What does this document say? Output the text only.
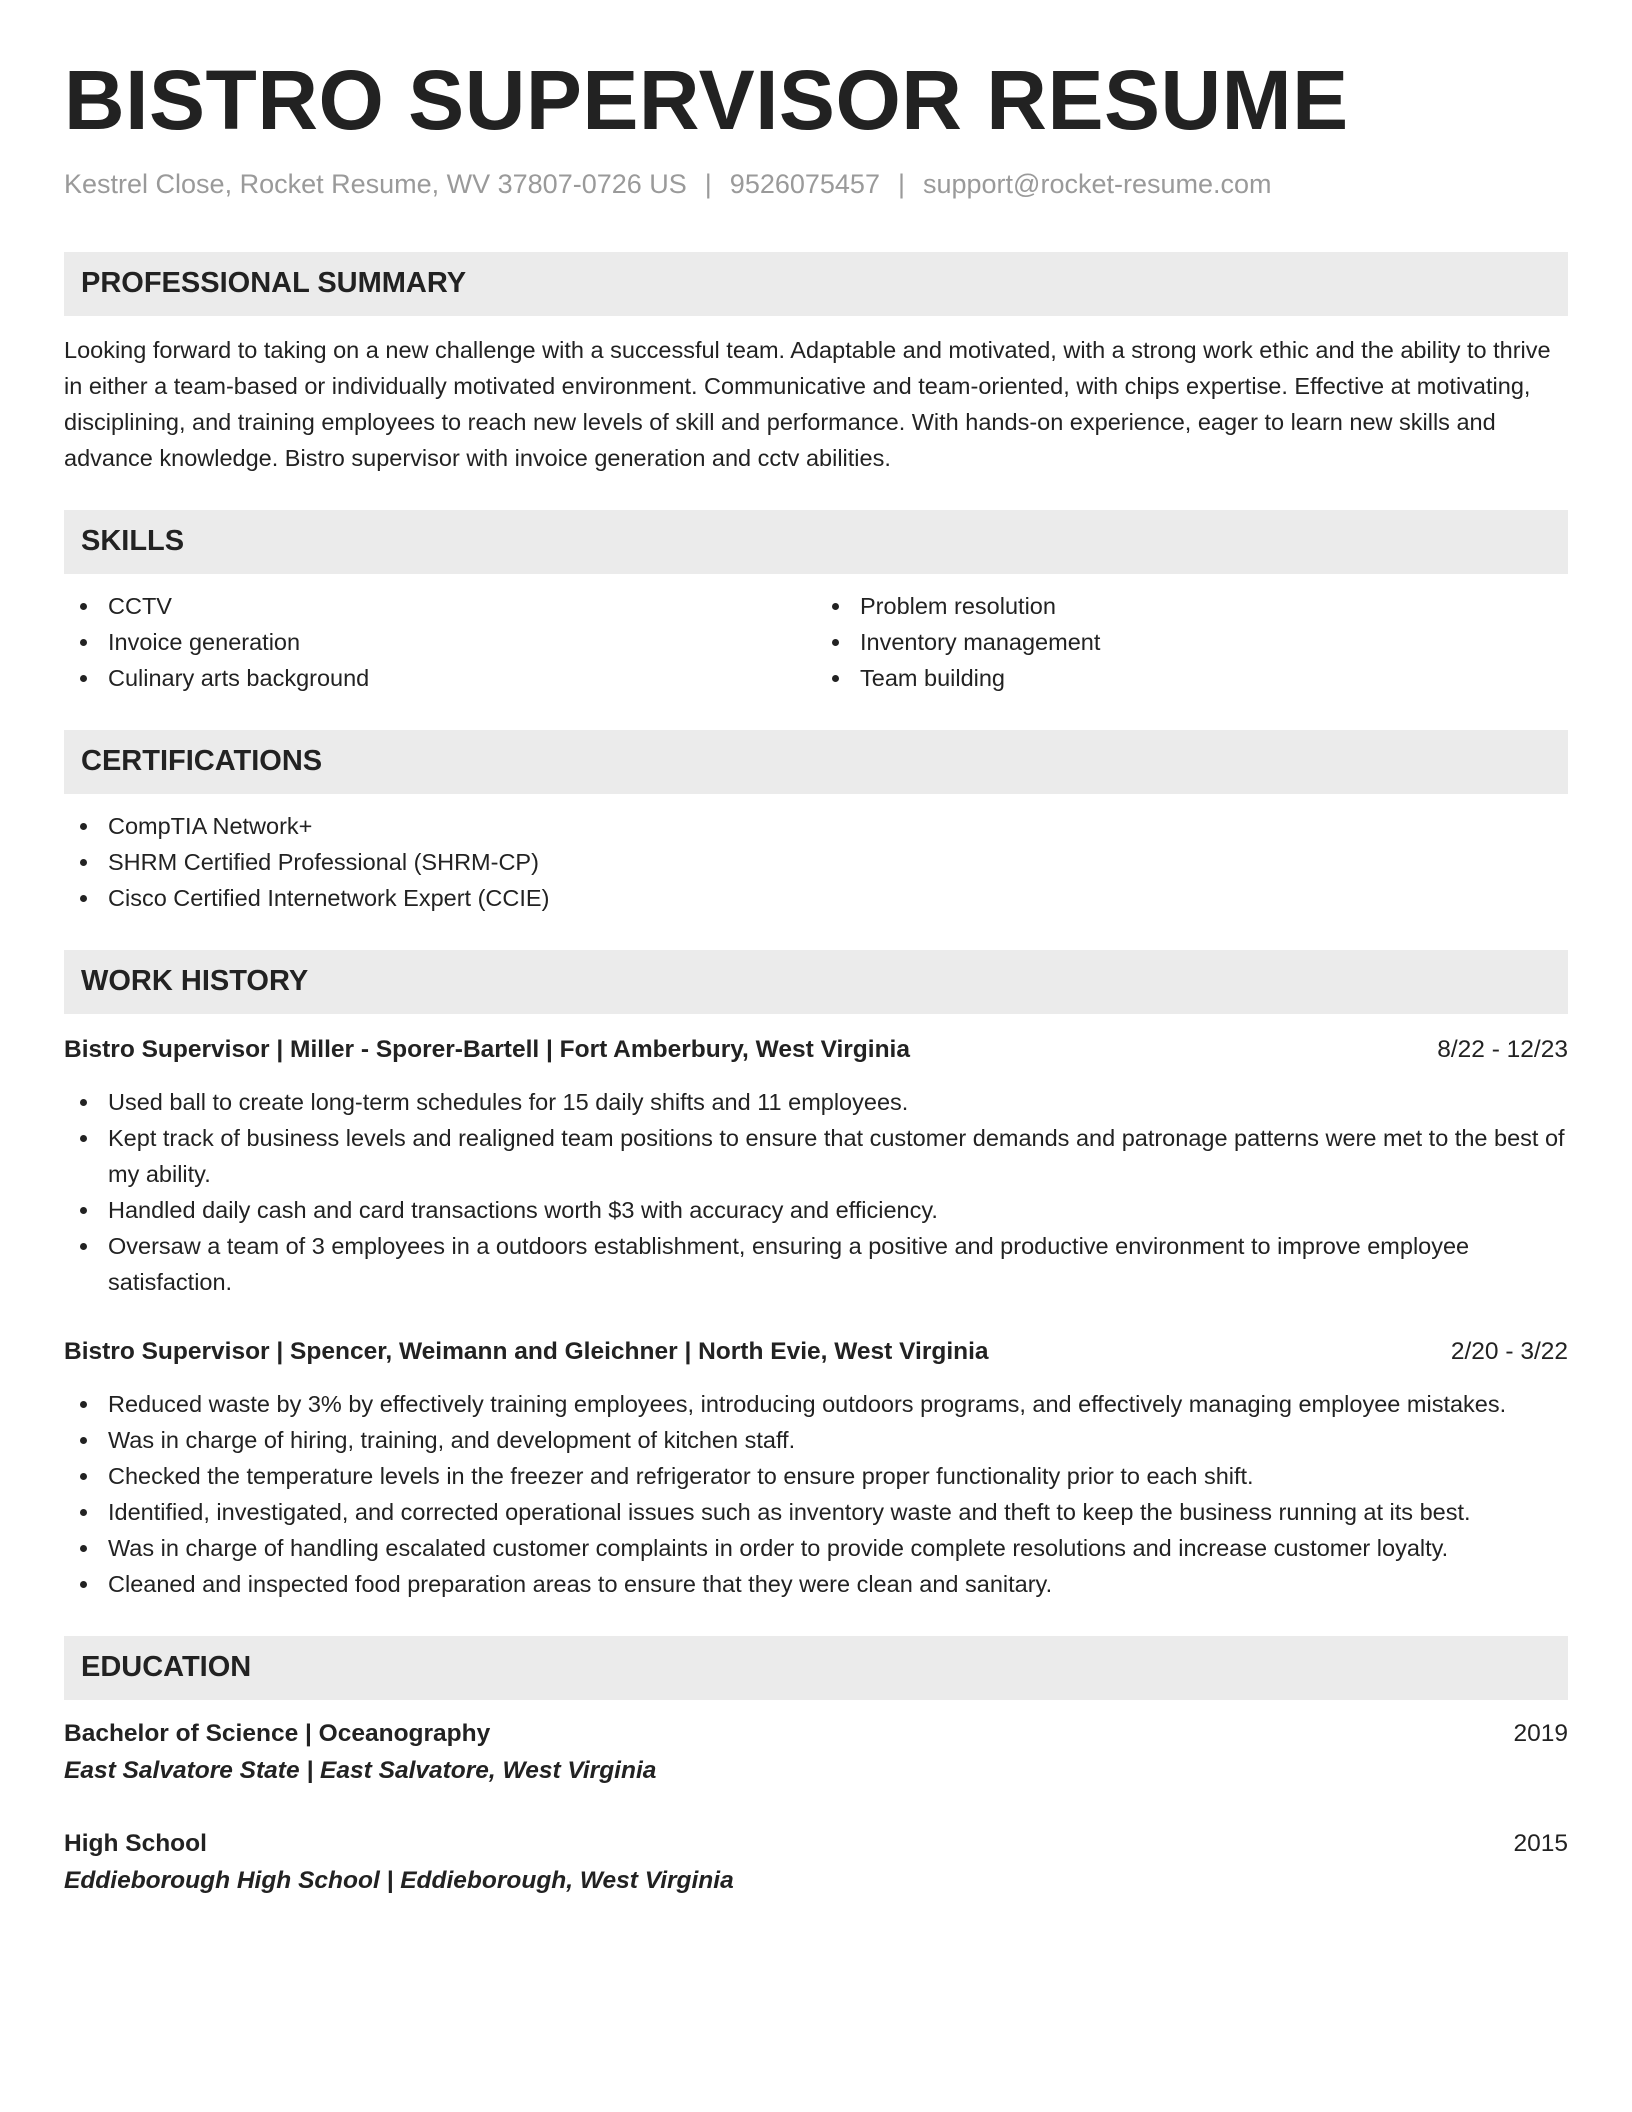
BISTRO SUPERVISOR RESUME
Kestrel Close, Rocket Resume, WV 37807-0726 US | 9526075457 | support@rocket-resume.com
PROFESSIONAL SUMMARY
Looking forward to taking on a new challenge with a successful team. Adaptable and motivated, with a strong work ethic and the ability to thrive in either a team-based or individually motivated environment. Communicative and team-oriented, with chips expertise. Effective at motivating, disciplining, and training employees to reach new levels of skill and performance. With hands-on experience, eager to learn new skills and advance knowledge. Bistro supervisor with invoice generation and cctv abilities.
SKILLS
CCTV
Invoice generation
Culinary arts background
Problem resolution
Inventory management
Team building
CERTIFICATIONS
CompTIA Network+
SHRM Certified Professional (SHRM-CP)
Cisco Certified Internetwork Expert (CCIE)
WORK HISTORY
Bistro Supervisor | Miller - Sporer-Bartell | Fort Amberbury, West Virginia	8/22 - 12/23
Used ball to create long-term schedules for 15 daily shifts and 11 employees.
Kept track of business levels and realigned team positions to ensure that customer demands and patronage patterns were met to the best of my ability.
Handled daily cash and card transactions worth $3 with accuracy and efficiency.
Oversaw a team of 3 employees in a outdoors establishment, ensuring a positive and productive environment to improve employee satisfaction.
Bistro Supervisor | Spencer, Weimann and Gleichner | North Evie, West Virginia	2/20 - 3/22
Reduced waste by 3% by effectively training employees, introducing outdoors programs, and effectively managing employee mistakes.
Was in charge of hiring, training, and development of kitchen staff.
Checked the temperature levels in the freezer and refrigerator to ensure proper functionality prior to each shift.
Identified, investigated, and corrected operational issues such as inventory waste and theft to keep the business running at its best.
Was in charge of handling escalated customer complaints in order to provide complete resolutions and increase customer loyalty.
Cleaned and inspected food preparation areas to ensure that they were clean and sanitary.
EDUCATION
Bachelor of Science | Oceanography	2019
East Salvatore State | East Salvatore, West Virginia
High School	2015
Eddieborough High School | Eddieborough, West Virginia
